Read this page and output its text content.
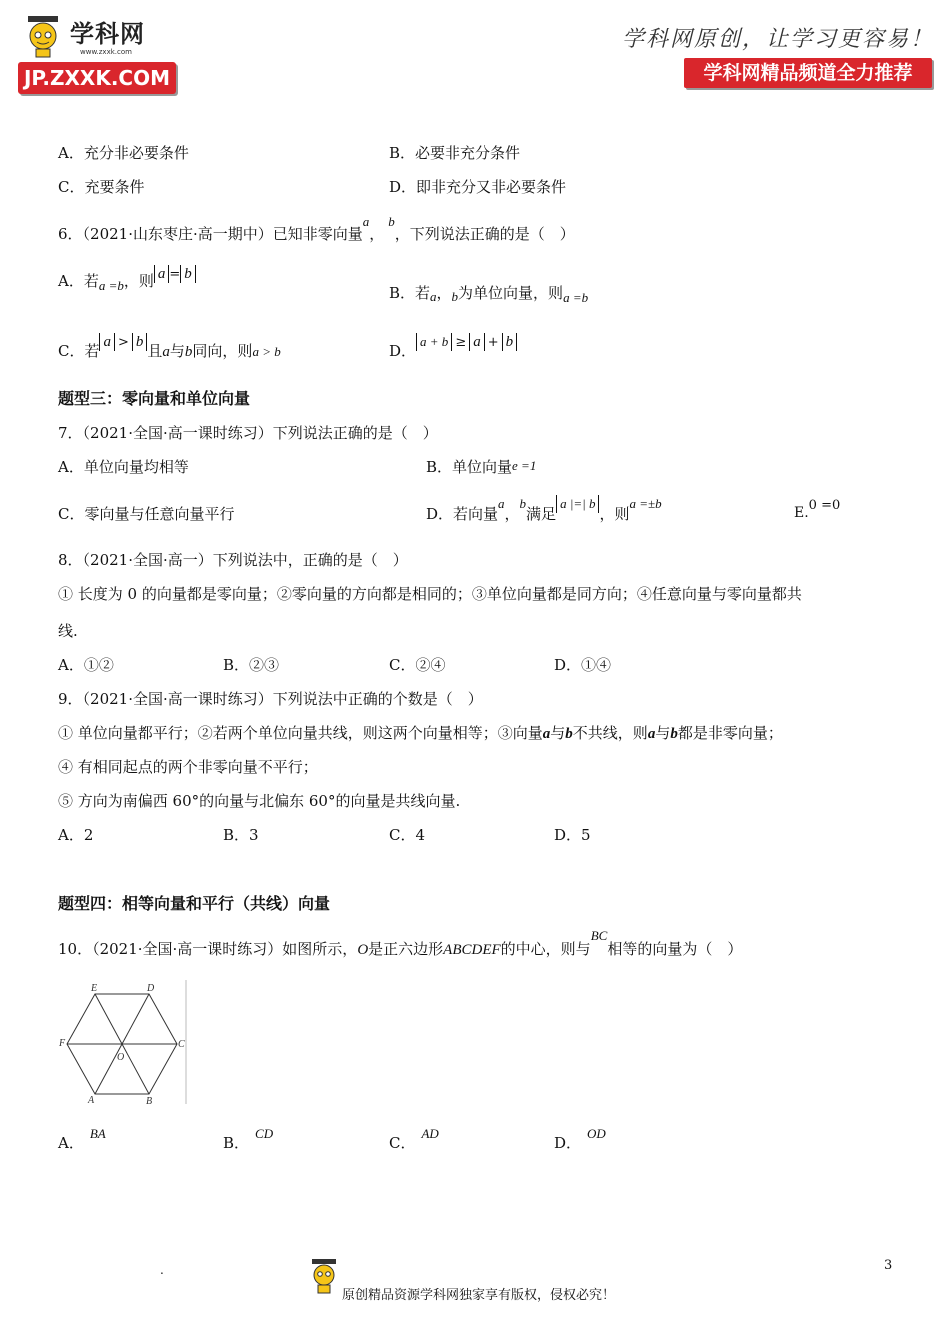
学科网
www.zxxk.com
JP.ZXXK.COM
学科网原创，让学习更容易！
学科网精品频道全力推荐
A．充分非必要条件	B．必要非充分条件
C．充要条件	D．即非充分又非必要条件
6．（2021·山东枣庄·高一期中）已知非零向量a，b，下列说法正确的是（　）
A．若a =b，则 a = b
B．若a，b为单位向量，则a =b
C．若 a > b 且a与b同向，则a > b	D．a + b ≥ a + b
题型三：零向量和单位向量
7．（2021·全国·高一课时练习）下列说法正确的是（　）
A．单位向量均相等	B．单位向量e =1
C．零向量与任意向量平行	D．若向量a，b满足a |=| b，则a =±b
E.0 =0
8．（2021·全国·高一）下列说法中，正确的是（　）
① 长度为 0 的向量都是零向量；②零向量的方向都是相同的；③单位向量都是同方向；④任意向量与零向量都共
线.
A．①②	B．②③	C．②④	D．①④
9．（2021·全国·高一课时练习）下列说法中正确的个数是（　）
① 单位向量都平行；②若两个单位向量共线，则这两个向量相等；③向量a与b不共线，则a与b都是非零向量；
④ 有相同起点的两个非零向量不平行；
⑤ 方向为南偏西 60°的向量与北偏东 60°的向量是共线向量.
A．2	B．3	C．4	D．5
题型四：相等向量和平行（共线）向量
10．（2021·全国·高一课时练习）如图所示，O是正六边形ABCDEF的中心，则与BC相等的向量为（　）
E	D
F	C
O
A	B
A．BA
B．CD
C．AD
D．OD
.
原创精品资源学科网独家享有版权，侵权必究！
3
